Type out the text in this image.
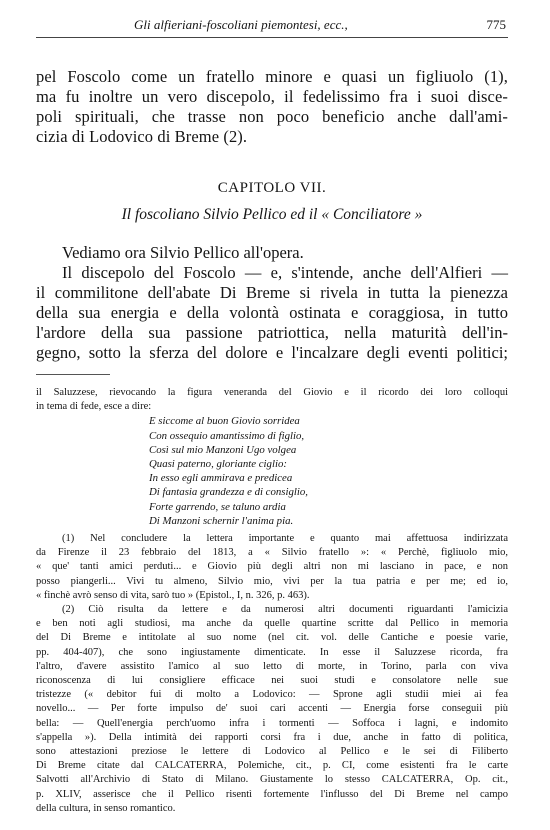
Gli alfieriani-foscoliani piemontesi, ecc.,	775
pel Foscolo come un fratello minore e quasi un figliuolo (1),
ma fu inoltre un vero discepolo, il fedelissimo fra i suoi disce-
poli spirituali, che trasse non poco beneficio anche dall'ami-
cizia di Lodovico di Breme (2).
CAPITOLO VII.
Il foscoliano Silvio Pellico ed il « Conciliatore »
Vediamo ora Silvio Pellico all'opera.
Il discepolo del Foscolo — e, s'intende, anche dell'Alfieri —
il commilitone dell'abate Di Breme si rivela in tutta la pienezza
della sua energia e della volontà ostinata e coraggiosa, in tutto
l'ardore della sua passione patriottica, nella maturità dell'in-
gegno, sotto la sferza del dolore e l'incalzare degli eventi politici;
il Saluzzese, rievocando la figura veneranda del Giovio e il ricordo dei loro colloqui
in tema di fede, esce a dire:
E siccome al buon Giovio sorridea
Con ossequio amantissimo di figlio,
Così sul mio Manzoni Ugo volgea
Quasi paterno, gloriante ciglio:
In esso egli ammirava e predicea
Di fantasia grandezza e di consiglio,
Forte garrendo, se taluno ardia
Di Manzoni schernir l'anima pia.
(1) Nel concludere la lettera importante e quanto mai affettuosa indirizzata
da Firenze il 23 febbraio del 1813, a « Silvio fratello »: « Perchè, figliuolo mio,
« que' tanti amici perduti... e Giovio più degli altri non mi lasciano in pace, e non
posso piangerli... Vivi tu almeno, Silvio mio, vivi per la tua patria e per me; ed io,
« finchè avrò senso di vita, sarò tuo » (Epistol., I, n. 326, p. 463).
(2) Ciò risulta da lettere e da numerosi altri documenti riguardanti l'amicizia
e ben noti agli studiosi, ma anche da quelle quartine scritte dal Pellico in memoria
del Di Breme e intitolate al suo nome (nel cit. vol. delle Cantiche e poesie varie,
pp. 404-407), che sono ingiustamente dimenticate. In esse il Saluzzese ricorda, fra
l'altro, d'avere assistito l'amico al suo letto di morte, in Torino, parla con viva
riconoscenza di lui consigliere efficace nei suoi studi e consolatore nelle sue
tristezze (« debitor fui di molto a Lodovico: — Sprone agli studii miei ai fea
novello... — Per forte impulso de' suoi cari accenti — Energia forse conseguii più
bella: — Quell'energia perch'uomo infra i tormenti — Soffoca i lagni, e indomito
s'appella »). Della intimità dei rapporti corsi fra i due, anche in fatto di politica,
sono attestazioni preziose le lettere di Lodovico al Pellico e le sei di Filiberto
Di Breme citate dal CALCATERRA, Polemiche, cit., p. CI, come esistenti fra le carte
Salvotti all'Archivio di Stato di Milano. Giustamente lo stesso CALCATERRA, Op. cit.,
p. XLIV, asserisce che il Pellico risentì fortemente l'influsso del Di Breme nel campo
della cultura, in senso romantico.
